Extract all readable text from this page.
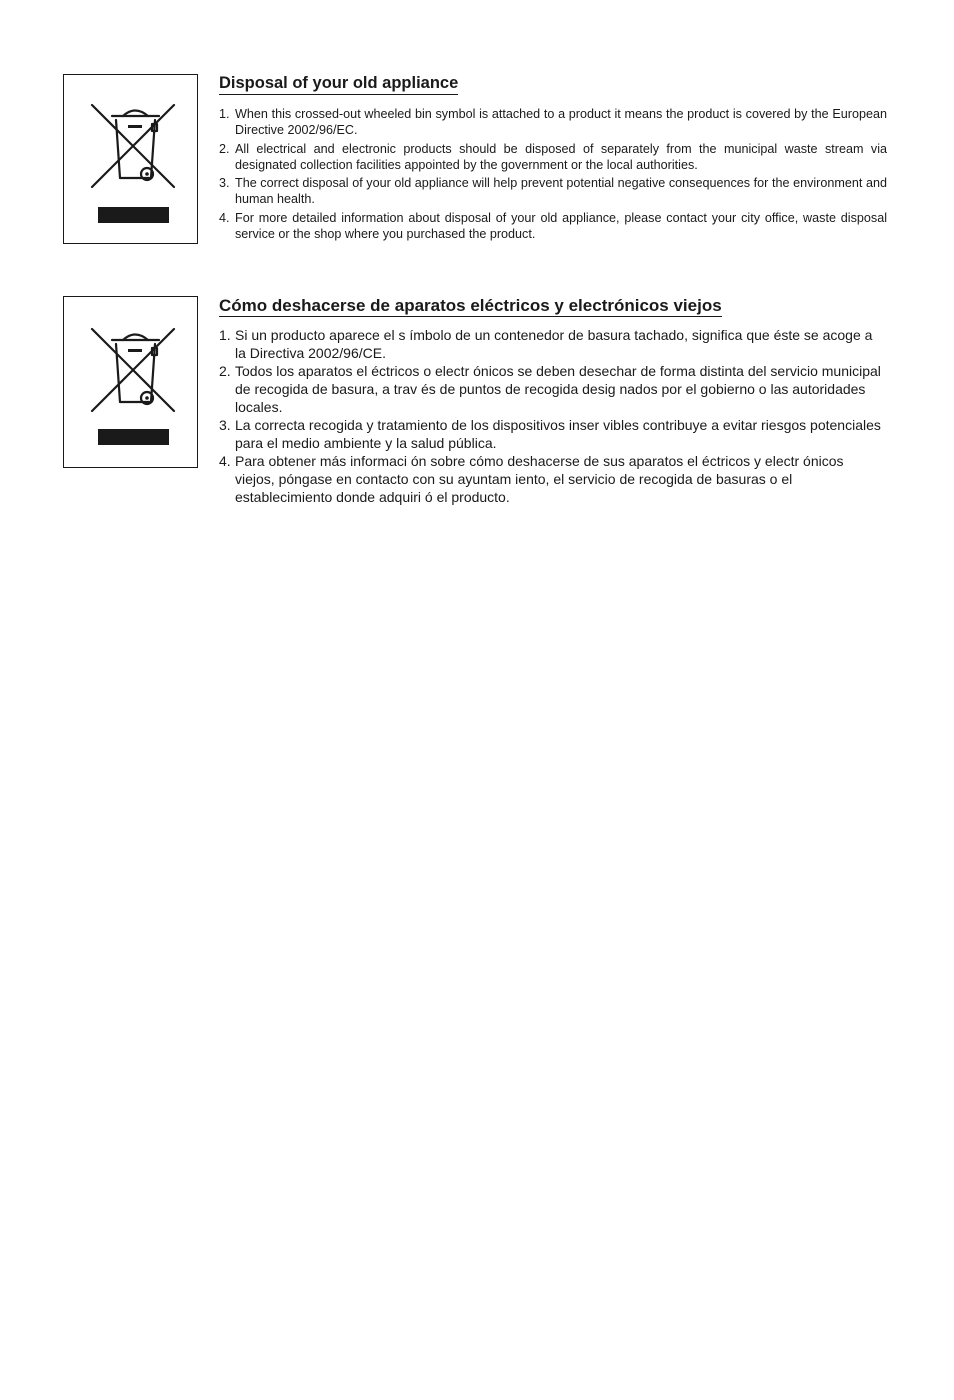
Disposal of your old appliance
1. When this crossed-out wheeled bin symbol is attached to a product it means the product is covered by the European Directive 2002/96/EC.
2. All electrical and electronic products should be disposed of separately from the municipal waste stream via designated collection facilities appointed by the government or the local authorities.
3. The correct disposal of your old appliance will help prevent potential negative consequences for the environment and human health.
4. For more detailed information about disposal of your old appliance, please contact your city office, waste disposal service or the shop where you purchased the product.
Cómo deshacerse de aparatos eléctricos y electrónicos viejos
1. Si un producto aparece el s ímbolo de un contenedor de basura tachado, significa que éste se acoge a la Directiva 2002/96/CE.
2. Todos los aparatos el éctricos o electr ónicos se deben desechar de forma distinta del servicio municipal de recogida de basura, a trav és de puntos de recogida desig nados por el gobierno o las autoridades locales.
3. La correcta recogida y tratamiento de los dispositivos inser vibles contribuye a evitar riesgos potenciales para el medio ambiente y la salud pública.
4. Para obtener más informaci ón sobre cómo deshacerse de sus aparatos el éctricos y electr ónicos viejos, póngase en contacto con su ayuntam iento, el servicio de recogida de basuras o el establecimiento donde adquiri ó el producto.
